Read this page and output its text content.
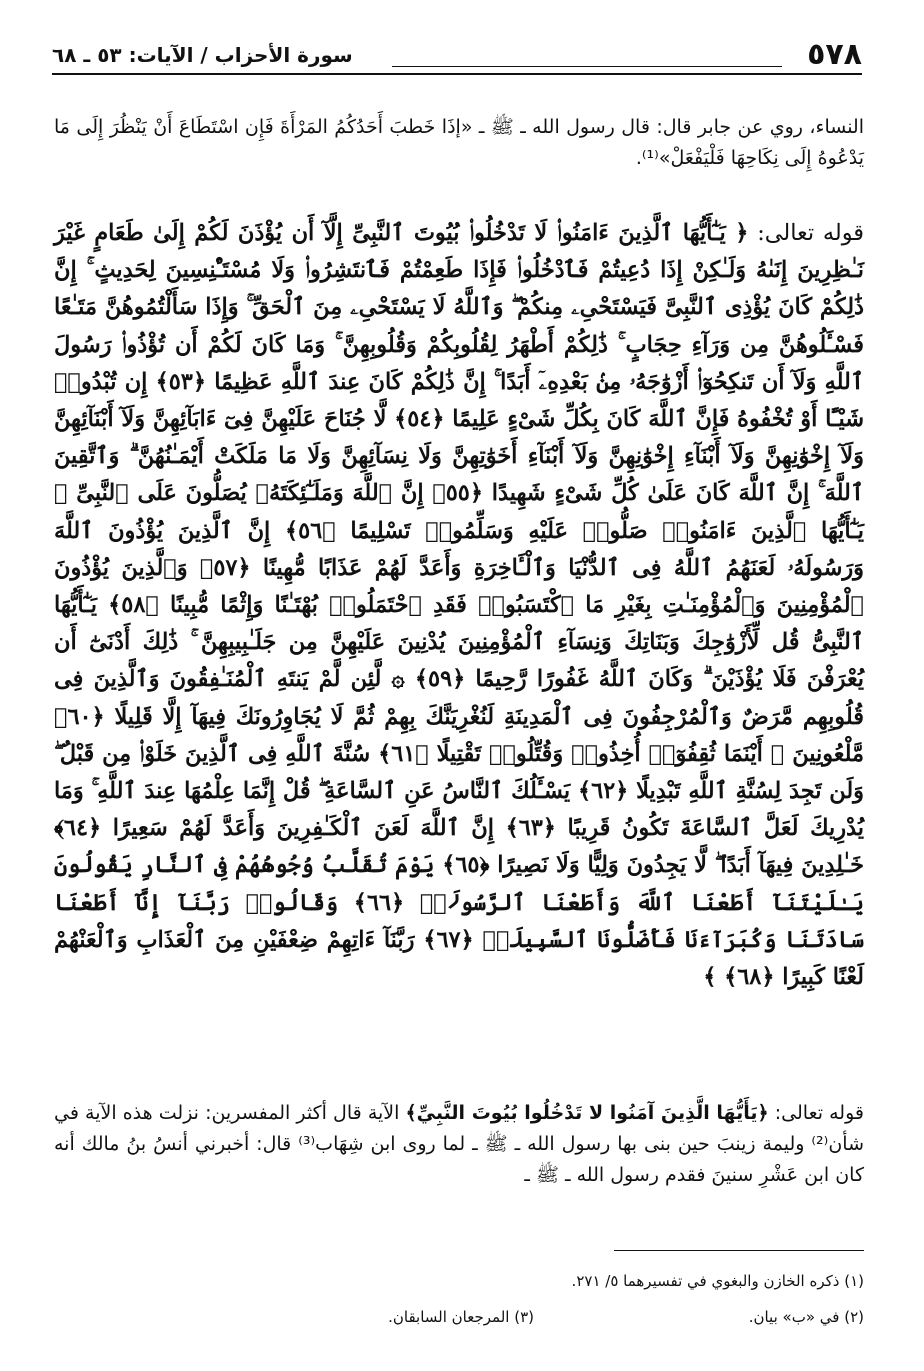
٥٧٨
سورة الأحزاب / الآيات: ٥٣ ـ ٦٨

النساء، روي عن جابر قال: قال رسول الله ـ ﷺ ـ «إذَا خَطبَ أَحَدُكُمُ المَرْأَةَ فَإِن اسْتَطَاعَ أَنْ يَنْظُرَ إِلَى مَا يَدْعُوهُ إِلَى نِكَاحِهَا فَلْيَفْعَلْ»⁽¹⁾.

قوله تعالى: ﴿ يَـٰٓأَيُّهَا ٱلَّذِينَ ءَامَنُوا۟ لَا تَدْخُلُوا۟ بُيُوتَ ٱلنَّبِىِّ إِلَّآ أَن يُؤْذَنَ لَكُمْ إِلَىٰ طَعَامٍ غَيْرَ نَـٰظِرِينَ إِنَىٰهُ وَلَـٰكِنْ إِذَا دُعِيتُمْ فَٱدْخُلُوا۟ فَإِذَا طَعِمْتُمْ فَٱنتَشِرُوا۟ وَلَا مُسْتَـْٔنِسِينَ لِحَدِيثٍ ۚ إِنَّ ذَٰلِكُمْ كَانَ يُؤْذِى ٱلنَّبِىَّ فَيَسْتَحْىِۦ مِنكُمْ ۖ وَٱللَّهُ لَا يَسْتَحْىِۦ مِنَ ٱلْحَقِّ ۚ وَإِذَا سَأَلْتُمُوهُنَّ مَتَـٰعًا فَسْـَٔلُوهُنَّ مِن وَرَآءِ حِجَابٍ ۚ ذَٰلِكُمْ أَطْهَرُ لِقُلُوبِكُمْ وَقُلُوبِهِنَّ ۚ وَمَا كَانَ لَكُمْ أَن تُؤْذُوا۟ رَسُولَ ٱللَّهِ وَلَآ أَن تَنكِحُوٓا۟ أَزْوَٰجَهُۥ مِنۢ بَعْدِهِۦٓ أَبَدًا ۚ إِنَّ ذَٰلِكُمْ كَانَ عِندَ ٱللَّهِ عَظِيمًا ﴿٥٣﴾ إِن تُبْدُوا۟ شَيْـًٔا أَوْ تُخْفُوهُ فَإِنَّ ٱللَّهَ كَانَ بِكُلِّ شَىْءٍ عَلِيمًا ﴿٥٤﴾ لَّا جُنَاحَ عَلَيْهِنَّ فِىٓ ءَابَآئِهِنَّ وَلَآ أَبْنَآئِهِنَّ وَلَآ إِخْوَٰنِهِنَّ وَلَآ أَبْنَآءِ إِخْوَٰنِهِنَّ وَلَآ أَبْنَآءِ أَخَوَٰتِهِنَّ وَلَا نِسَآئِهِنَّ وَلَا مَا مَلَكَتْ أَيْمَـٰنُهُنَّ ۗ وَٱتَّقِينَ ٱللَّهَ ۚ إِنَّ ٱللَّهَ كَانَ عَلَىٰ كُلِّ شَىْءٍ شَهِيدًا ﴿٥٥﴾ إِنَّ ٱللَّهَ وَمَلَـٰٓئِكَتَهُۥ يُصَلُّونَ عَلَى ٱلنَّبِىِّ ۚ يَـٰٓأَيُّهَا ٱلَّذِينَ ءَامَنُوا۟ صَلُّوا۟ عَلَيْهِ وَسَلِّمُوا۟ تَسْلِيمًا ﴿٥٦﴾ إِنَّ ٱلَّذِينَ يُؤْذُونَ ٱللَّهَ وَرَسُولَهُۥ لَعَنَهُمُ ٱللَّهُ فِى ٱلدُّنْيَا وَٱلْـَٔاخِرَةِ وَأَعَدَّ لَهُمْ عَذَابًا مُّهِينًا ﴿٥٧﴾ وَٱلَّذِينَ يُؤْذُونَ ٱلْمُؤْمِنِينَ وَٱلْمُؤْمِنَـٰتِ بِغَيْرِ مَا ٱكْتَسَبُوا۟ فَقَدِ ٱحْتَمَلُوا۟ بُهْتَـٰنًا وَإِثْمًا مُّبِينًا ﴿٥٨﴾ يَـٰٓأَيُّهَا ٱلنَّبِىُّ قُل لِّأَزْوَٰجِكَ وَبَنَاتِكَ وَنِسَآءِ ٱلْمُؤْمِنِينَ يُدْنِينَ عَلَيْهِنَّ مِن جَلَـٰبِيبِهِنَّ ۚ ذَٰلِكَ أَدْنَىٰٓ أَن يُعْرَفْنَ فَلَا يُؤْذَيْنَ ۗ وَكَانَ ٱللَّهُ غَفُورًا رَّحِيمًا ﴿٥٩﴾ ۞ لَّئِن لَّمْ يَنتَهِ ٱلْمُنَـٰفِقُونَ وَٱلَّذِينَ فِى قُلُوبِهِم مَّرَضٌ وَٱلْمُرْجِفُونَ فِى ٱلْمَدِينَةِ لَنُغْرِيَنَّكَ بِهِمْ ثُمَّ لَا يُجَاوِرُونَكَ فِيهَآ إِلَّا قَلِيلًا ﴿٦٠﴾ مَّلْعُونِينَ ۖ أَيْنَمَا ثُقِفُوٓا۟ أُخِذُوا۟ وَقُتِّلُوا۟ تَقْتِيلًا ﴿٦١﴾ سُنَّةَ ٱللَّهِ فِى ٱلَّذِينَ خَلَوْا۟ مِن قَبْلُ ۖ وَلَن تَجِدَ لِسُنَّةِ ٱللَّهِ تَبْدِيلًا ﴿٦٢﴾ يَسْـَٔلُكَ ٱلنَّاسُ عَنِ ٱلسَّاعَةِ ۖ قُلْ إِنَّمَا عِلْمُهَا عِندَ ٱللَّهِ ۚ وَمَا يُدْرِيكَ لَعَلَّ ٱلسَّاعَةَ تَكُونُ قَرِيبًا ﴿٦٣﴾ إِنَّ ٱللَّهَ لَعَنَ ٱلْكَـٰفِرِينَ وَأَعَدَّ لَهُمْ سَعِيرًا ﴿٦٤﴾ خَـٰلِدِينَ فِيهَآ أَبَدًا ۖ لَّا يَجِدُونَ وَلِيًّا وَلَا نَصِيرًا ﴿٦٥﴾ يَوْمَ تُقَلَّبُ وُجُوهُهُمْ فِى ٱلنَّارِ يَقُولُونَ يَـٰلَيْتَنَآ أَطَعْنَا ٱللَّهَ وَأَطَعْنَا ٱلرَّسُولَا۠ ﴿٦٦﴾ وَقَالُوا۟ رَبَّنَآ إِنَّآ أَطَعْنَا سَادَتَنَا وَكُبَرَآءَنَا فَأَضَلُّونَا ٱلسَّبِيلَا۠ ﴿٦٧﴾ رَبَّنَآ ءَاتِهِمْ ضِعْفَيْنِ مِنَ ٱلْعَذَابِ وَٱلْعَنْهُمْ لَعْنًا كَبِيرًا ﴿٦٨﴾ ﴾

قوله تعالى: ﴿يَأَيُّهَا الَّذِينَ آمَنُوا لا تَدْخُلُوا بُيُوتَ النَّبِيِّ﴾ الآية قال أكثر المفسرين: نزلت هذه الآية في شأن⁽²⁾ وليمة زينبَ حين بنى بها رسول الله ـ ﷺ ـ لما روى ابن شِهَاب⁽³⁾ قال: أخبرني أنسُ بنُ مالك أنه كان ابن عَشْرِ سنينَ فقدم رسول الله ـ ﷺ ـ

(١) ذكره الخازن والبغوي في تفسيرهما ٥/ ٢٧١.
(٢) في «ب» بيان.
(٣) المرجعان السابقان.
